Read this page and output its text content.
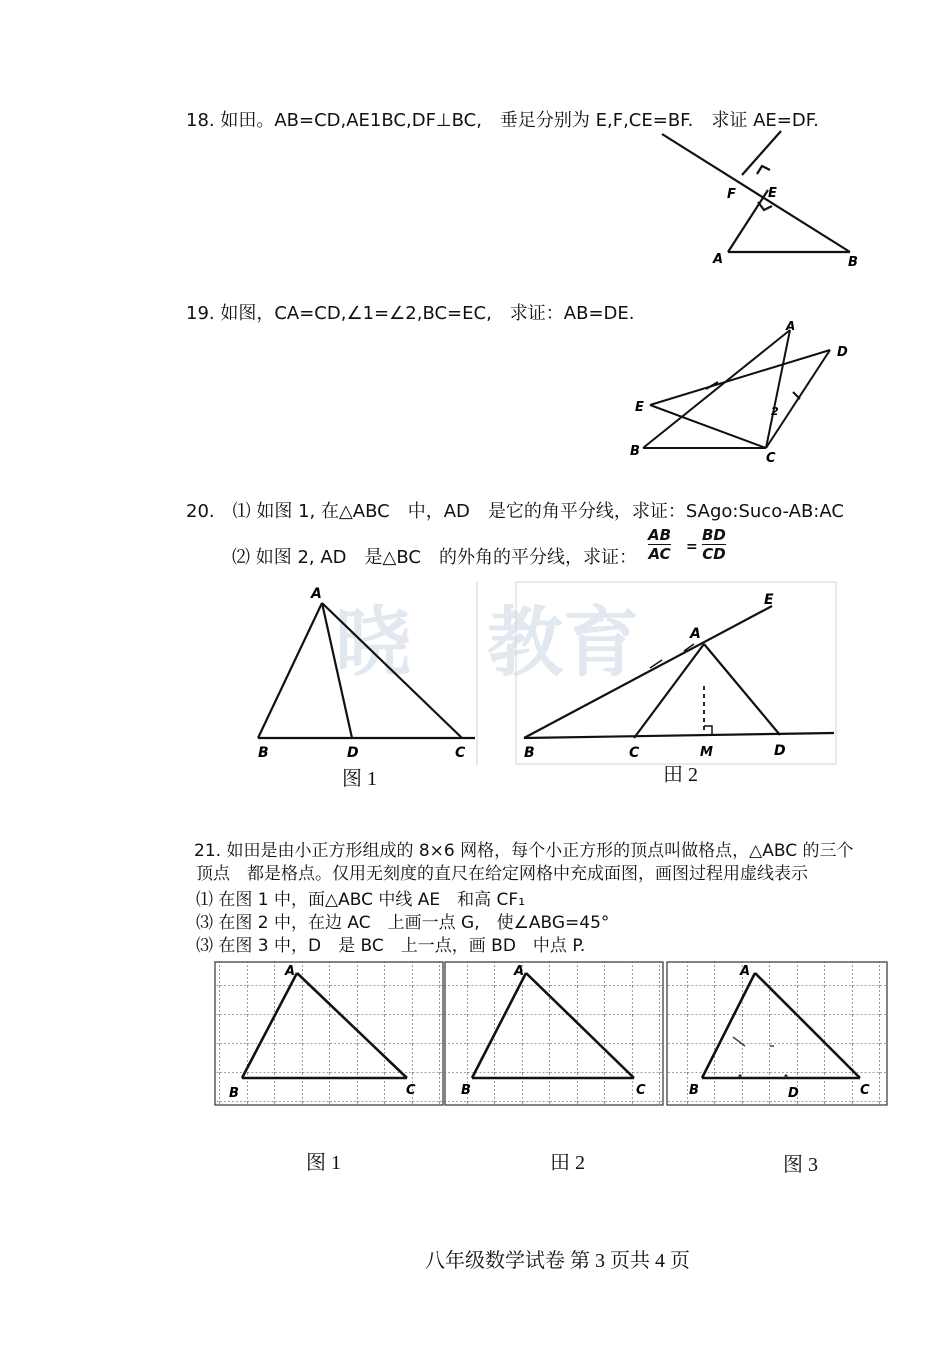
18. 如田。AB=CD,AE1BC,DF⊥BC,　垂足分别为 E,F,CE=BF.　求证 AE=DF.
F E
A	B
19. 如图，CA=CD,∠1=∠2,BC=EC,　求证：AB=DE.
A
D
E
B	C
2
20.　⑴ 如图 1, 在△ABC　中，AD　是它的角平分线，求证：SAgo:Suco-AB:AC
⑵ 如图 2, AD　是△BC　的外角的平分线，求证：
AB
AC =
BD
CD
晓　教育
A
B	D	C
图 1
E
A
B	C	M	D
田 2
21. 如田是由小正方形组成的 8×6 网格，每个小正方形的顶点叫做格点，△ABC 的三个
顶点　都是格点。仅用无刻度的直尺在给定网格中充成面图，画图过程用虚线表示
⑴ 在图 1 中，面△ABC 中线 AE　和高 CF₁
⑶ 在图 2 中，在边 AC　上画一点 G,　使∠ABG=45°
⑶ 在图 3 中，D　是 BC　上一点，画 BD　中点 P.
A
B	C
A
B	C
A
B	D	C
图 1	田 2	图 3
八年级数学试卷 第 3 页共 4 页
